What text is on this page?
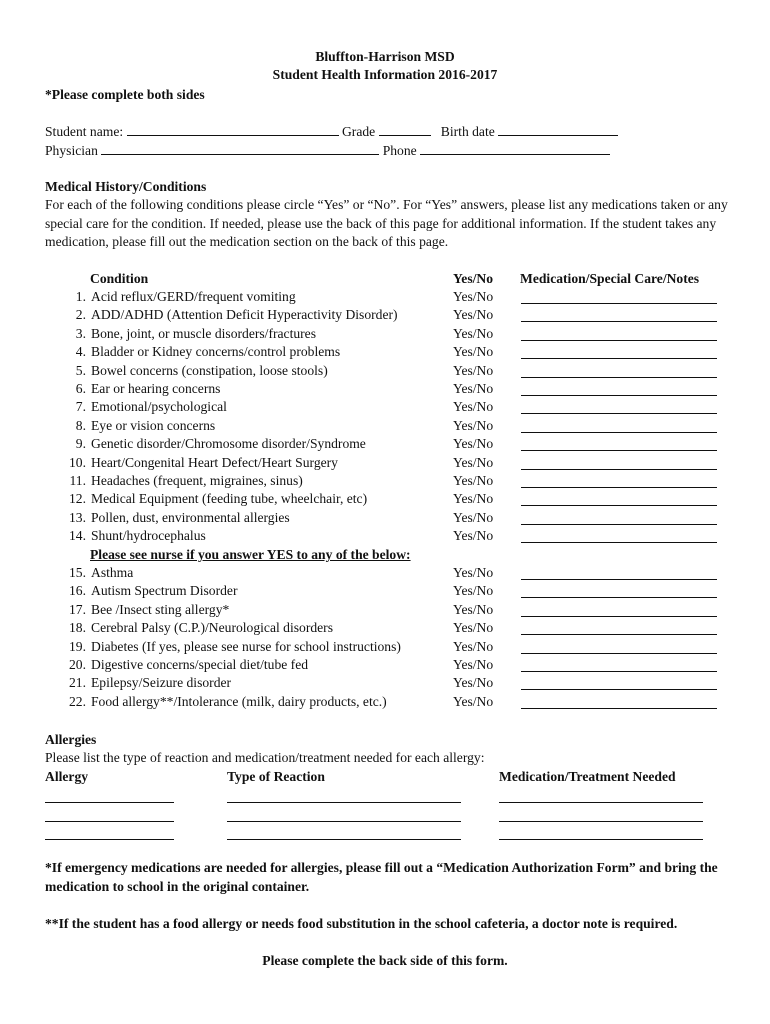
Bluffton-Harrison MSD
Student Health Information 2016-2017
*Please complete both sides
Student name:	Grade	Birth date
Physician	Phone
Medical History/Conditions
For each of the following conditions please circle “Yes” or “No”. For “Yes” answers, please list any medications taken or any special care for the condition. If needed, please use the back of this page for additional information. If the student takes any medication, please fill out the medication section on the back of this page.
Condition	Yes/No Medication/Special Care/Notes
1. Acid reflux/GERD/frequent vomiting	Yes/No
2. ADD/ADHD (Attention Deficit Hyperactivity Disorder)	Yes/No
3. Bone, joint, or muscle disorders/fractures	Yes/No
4. Bladder or Kidney concerns/control problems	Yes/No
5. Bowel concerns (constipation, loose stools)	Yes/No
6. Ear or hearing concerns	Yes/No
7. Emotional/psychological	Yes/No
8. Eye or vision concerns	Yes/No
9. Genetic disorder/Chromosome disorder/Syndrome	Yes/No
10. Heart/Congenital Heart Defect/Heart Surgery	Yes/No
11. Headaches (frequent, migraines, sinus)	Yes/No
12. Medical Equipment (feeding tube, wheelchair, etc)	Yes/No
13. Pollen, dust, environmental allergies	Yes/No
14. Shunt/hydrocephalus	Yes/No
Please see nurse if you answer YES to any of the below:
15. Asthma	Yes/No
16. Autism Spectrum Disorder	Yes/No
17. Bee /Insect sting allergy*	Yes/No
18. Cerebral Palsy (C.P.)/Neurological disorders	Yes/No
19. Diabetes (If yes, please see nurse for school instructions)	Yes/No
20. Digestive concerns/special diet/tube fed	Yes/No
21. Epilepsy/Seizure disorder	Yes/No
22. Food allergy**/Intolerance (milk, dairy products, etc.)	Yes/No
Allergies
Please list the type of reaction and medication/treatment needed for each allergy:
Allergy	Type of Reaction	Medication/Treatment Needed
*If emergency medications are needed for allergies, please fill out a “Medication Authorization Form” and bring the medication to school in the original container.
**If the student has a food allergy or needs food substitution in the school cafeteria, a doctor note is required.
Please complete the back side of this form.
